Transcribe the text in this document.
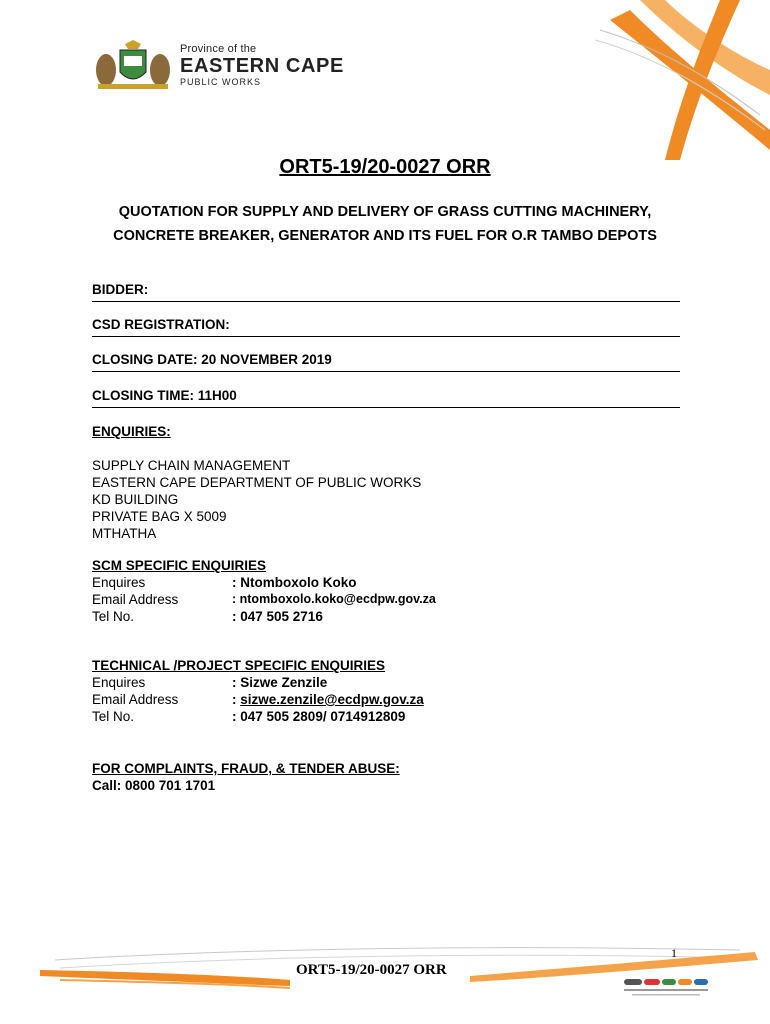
Province of the
EASTERN CAPE
PUBLIC WORKS
ORT5-19/20-0027 ORR
QUOTATION FOR SUPPLY AND DELIVERY OF GRASS CUTTING MACHINERY,
CONCRETE BREAKER, GENERATOR AND ITS FUEL FOR O.R TAMBO DEPOTS
BIDDER:
CSD REGISTRATION:
CLOSING DATE: 20 NOVEMBER 2019
CLOSING TIME: 11H00
ENQUIRIES:
SUPPLY CHAIN MANAGEMENT
EASTERN CAPE DEPARTMENT OF PUBLIC WORKS
KD BUILDING
PRIVATE BAG X 5009
MTHATHA
SCM SPECIFIC ENQUIRIES
Enquires	: Ntomboxolo Koko
Email Address	: ntomboxolo.koko@ecdpw.gov.za
Tel No.	: 047 505 2716
TECHNICAL /PROJECT SPECIFIC ENQUIRIES
Enquires	: Sizwe Zenzile
Email Address	: sizwe.zenzile@ecdpw.gov.za
Tel No.	: 047 505 2809/ 0714912809
FOR COMPLAINTS, FRAUD, & TENDER ABUSE:
Call: 0800 701 1701
1
ORT5-19/20-0027 ORR
